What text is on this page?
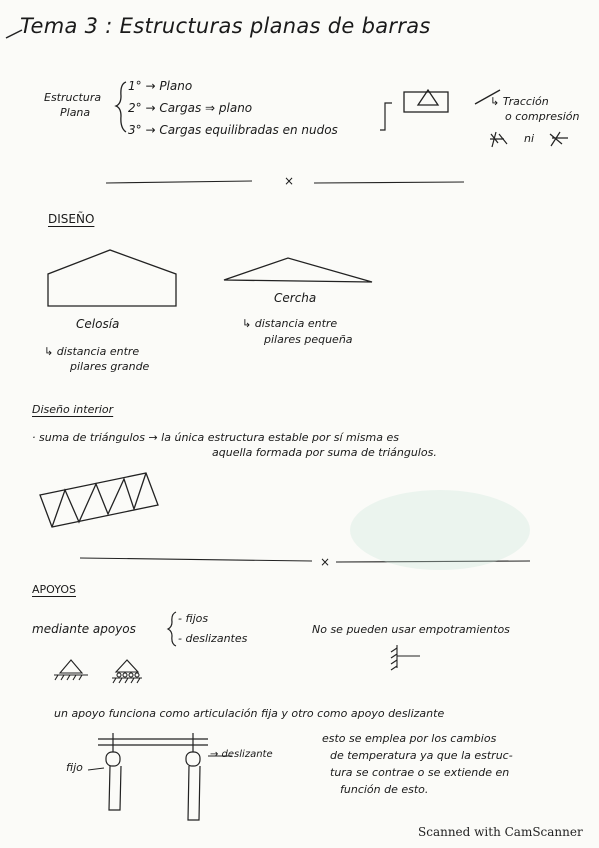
Tema 3 : Estructuras planas de barras
Estructura
Plana
1° → Plano
2° → Cargas ⇒ plano
3° → Cargas equilibradas en nudos
↳ Tracción
o compresión
ni
×
DISEÑO
Celosía
↳ distancia entre
pilares grande
Cercha
↳ distancia entre
pilares pequeña
Diseño interior
· suma de triángulos → la única estructura estable por sí misma es
aquella formada por suma de triángulos.
×
APOYOS
mediante apoyos
- fijos
- deslizantes
No se pueden usar empotramientos
un apoyo funciona como articulación fija y otro como apoyo deslizante
fijo
→ deslizante
esto se emplea por los cambios
de temperatura ya que la estruc-
tura se contrae o se extiende en
función de esto.
Scanned with CamScanner
